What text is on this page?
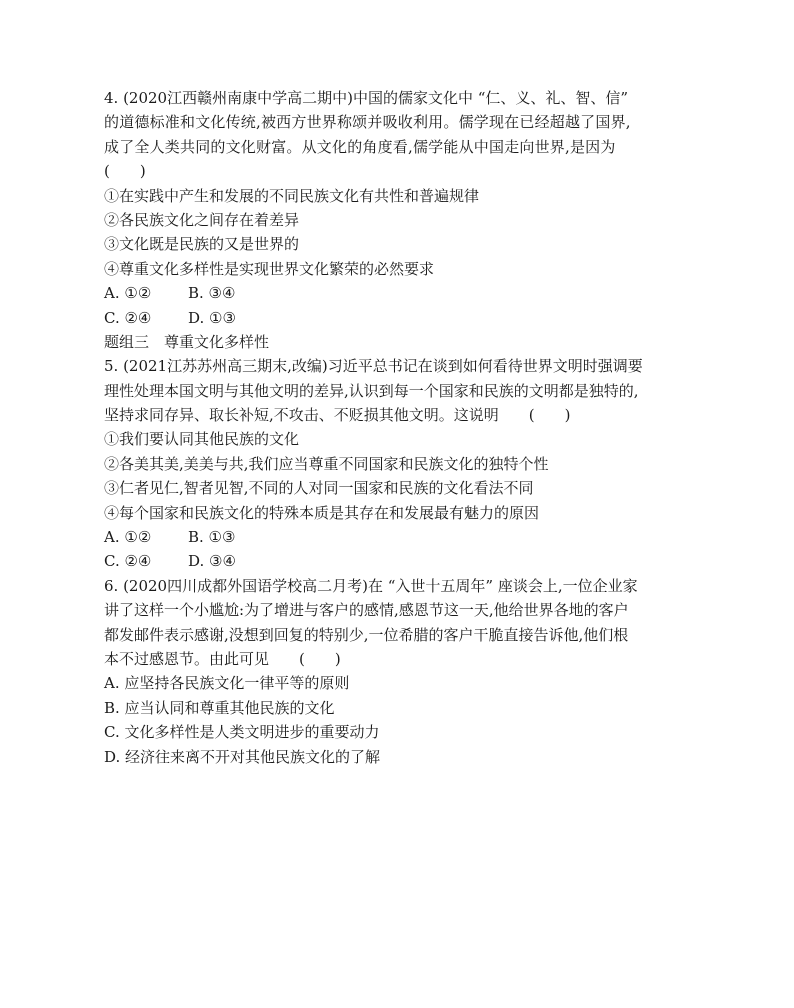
4. (2020江西赣州南康中学高二期中)中国的儒家文化中 “仁、义、礼、智、信”
的道德标准和文化传统,被西方世界称颂并吸收利用。儒学现在已经超越了国界,
成了全人类共同的文化财富。从文化的角度看,儒学能从中国走向世界,是因为
(　　)
①在实践中产生和发展的不同民族文化有共性和普遍规律
②各民族文化之间存在着差异
③文化既是民族的又是世界的
④尊重文化多样性是实现世界文化繁荣的必然要求
A. ①②	B. ③④
C. ②④	D. ①③
题组三　尊重文化多样性
5. (2021江苏苏州高三期末,改编)习近平总书记在谈到如何看待世界文明时强调要
理性处理本国文明与其他文明的差异,认识到每一个国家和民族的文明都是独特的,
坚持求同存异、取长补短,不攻击、不贬损其他文明。这说明　　(　　)
①我们要认同其他民族的文化
②各美其美,美美与共,我们应当尊重不同国家和民族文化的独特个性
③仁者见仁,智者见智,不同的人对同一国家和民族的文化看法不同
④每个国家和民族文化的特殊本质是其存在和发展最有魅力的原因
A. ①②	B. ①③
C. ②④	D. ③④
6. (2020四川成都外国语学校高二月考)在 “入世十五周年” 座谈会上,一位企业家
讲了这样一个小尴尬:为了增进与客户的感情,感恩节这一天,他给世界各地的客户
都发邮件表示感谢,没想到回复的特别少,一位希腊的客户干脆直接告诉他,他们根
本不过感恩节。由此可见　　(　　)
A. 应坚持各民族文化一律平等的原则
B. 应当认同和尊重其他民族的文化
C. 文化多样性是人类文明进步的重要动力
D. 经济往来离不开对其他民族文化的了解
